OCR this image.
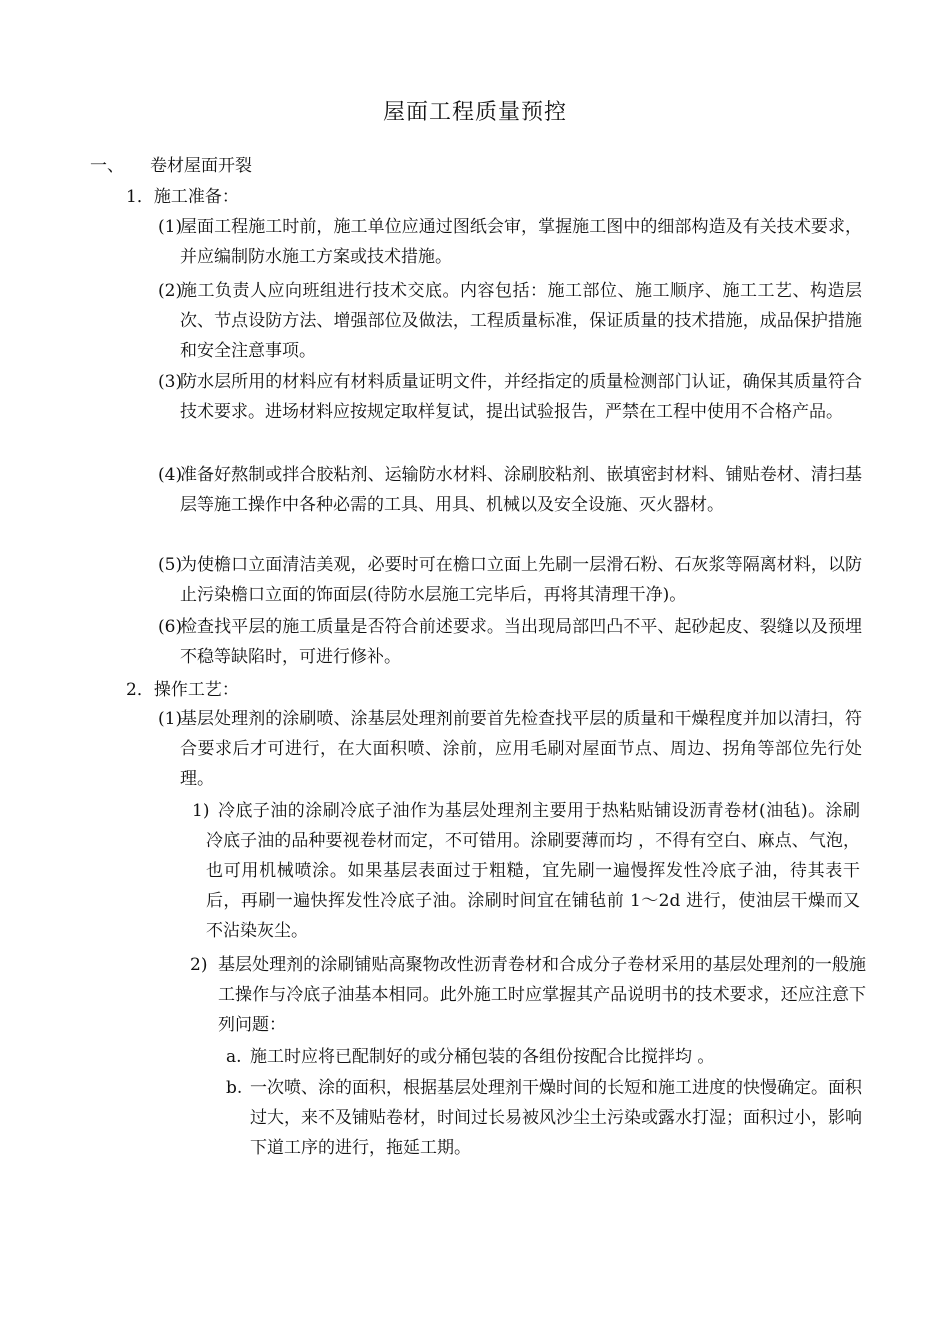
屋面工程质量预控
一、 卷材屋面开裂
1．施工准备：
(1)
屋面工程施工时前，施工单位应通过图纸会审，掌握施工图中的细部构造及有关技术要求，并应编制防水施工方案或技术措施。
(2)
施工负责人应向班组进行技术交底。内容包括：施工部位、施工顺序、施工工艺、构造层次、节点设防方法、增强部位及做法，工程质量标准，保证质量的技术措施，成品保护措施和安全注意事项。
(3)
防水层所用的材料应有材料质量证明文件，并经指定的质量检测部门认证，确保其质量符合技术要求。进场材料应按规定取样复试，提出试验报告，严禁在工程中使用不合格产品。
(4)
准备好熬制或拌合胶粘剂、运输防水材料、涂刷胶粘剂、嵌填密封材料、铺贴卷材、清扫基层等施工操作中各种必需的工具、用具、机械以及安全设施、灭火器材。
(5)
为使檐口立面清洁美观，必要时可在檐口立面上先刷一层滑石粉、石灰浆等隔离材料，以防止污染檐口立面的饰面层(待防水层施工完毕后，再将其清理干净)。
(6)
检查找平层的施工质量是否符合前述要求。当出现局部凹凸不平、起砂起皮、裂缝以及预埋不稳等缺陷时，可进行修补。
2．操作工艺：
(1)
基层处理剂的涂刷喷、涂基层处理剂前要首先检查找平层的质量和干燥程度并加以清扫，符合要求后才可进行，在大面积喷、涂前，应用毛刷对屋面节点、周边、拐角等部位先行处理。
1) 冷底子油的涂刷冷底子油作为基层处理剂主要用于热粘贴铺设沥青卷材(油毡)。涂刷冷底子油的品种要视卷材而定，不可错用。涂刷要薄而均 ，不得有空白、麻点、气泡，也可用机械喷涂。如果基层表面过于粗糙，宜先刷一遍慢挥发性冷底子油，待其表干后，再刷一遍快挥发性冷底子油。涂刷时间宜在铺毡前 1～2d 进行，使油层干燥而又不沾染灰尘。
2) 基层处理剂的涂刷铺贴高聚物改性沥青卷材和合成分子卷材采用的基层处理剂的一般施工操作与冷底子油基本相同。此外施工时应掌握其产品说明书的技术要求，还应注意下列问题：
a. 施工时应将已配制好的或分桶包装的各组份按配合比搅拌均 。
b. 一次喷、涂的面积，根据基层处理剂干燥时间的长短和施工进度的快慢确定。面积过大，来不及铺贴卷材，时间过长易被风沙尘土污染或露水打湿；面积过小，影响下道工序的进行，拖延工期。
